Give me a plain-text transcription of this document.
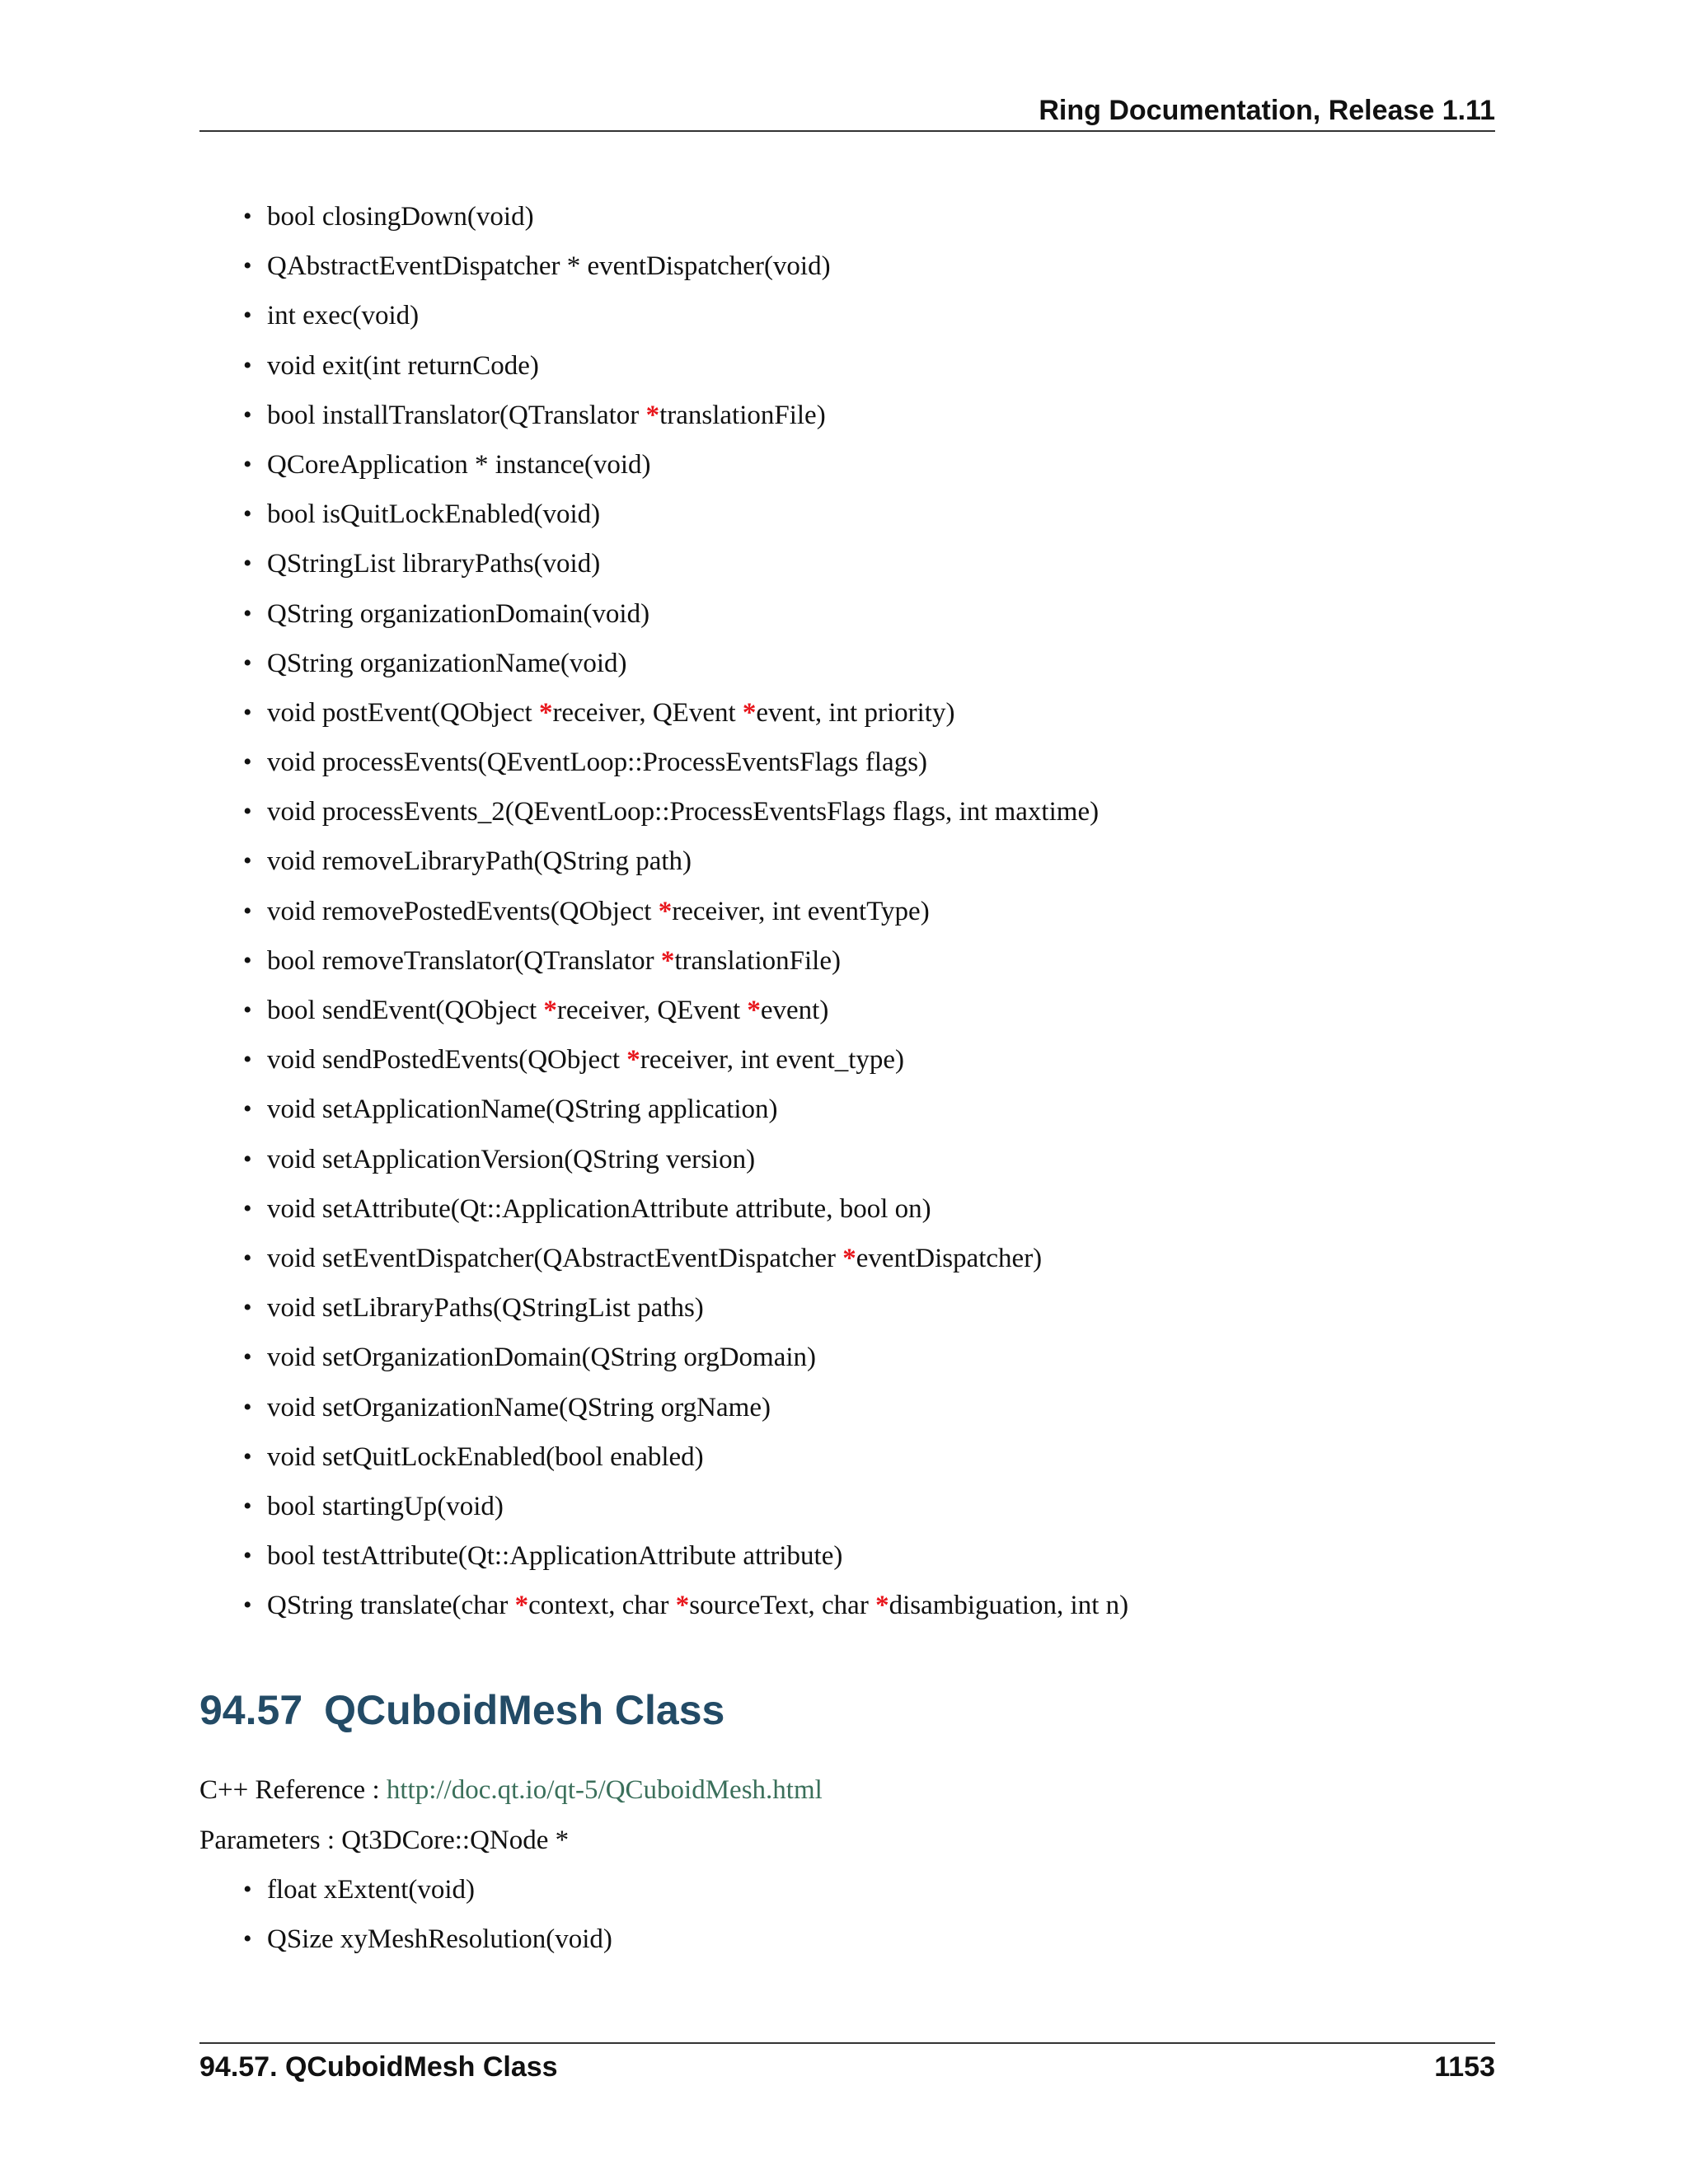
Ring Documentation, Release 1.11
• bool closingDown(void)
• QAbstractEventDispatcher * eventDispatcher(void)
• int exec(void)
• void exit(int returnCode)
• bool installTranslator(QTranslator *translationFile)
• QCoreApplication * instance(void)
• bool isQuitLockEnabled(void)
• QStringList libraryPaths(void)
• QString organizationDomain(void)
• QString organizationName(void)
• void postEvent(QObject *receiver, QEvent *event, int priority)
• void processEvents(QEventLoop::ProcessEventsFlags flags)
• void processEvents_2(QEventLoop::ProcessEventsFlags flags, int maxtime)
• void removeLibraryPath(QString path)
• void removePostedEvents(QObject *receiver, int eventType)
• bool removeTranslator(QTranslator *translationFile)
• bool sendEvent(QObject *receiver, QEvent *event)
• void sendPostedEvents(QObject *receiver, int event_type)
• void setApplicationName(QString application)
• void setApplicationVersion(QString version)
• void setAttribute(Qt::ApplicationAttribute attribute, bool on)
• void setEventDispatcher(QAbstractEventDispatcher *eventDispatcher)
• void setLibraryPaths(QStringList paths)
• void setOrganizationDomain(QString orgDomain)
• void setOrganizationName(QString orgName)
• void setQuitLockEnabled(bool enabled)
• bool startingUp(void)
• bool testAttribute(Qt::ApplicationAttribute attribute)
• QString translate(char *context, char *sourceText, char *disambiguation, int n)
94.57 QCuboidMesh Class
C++ Reference : http://doc.qt.io/qt-5/QCuboidMesh.html
Parameters : Qt3DCore::QNode *
• float xExtent(void)
• QSize xyMeshResolution(void)
94.57. QCuboidMesh Class	1153
